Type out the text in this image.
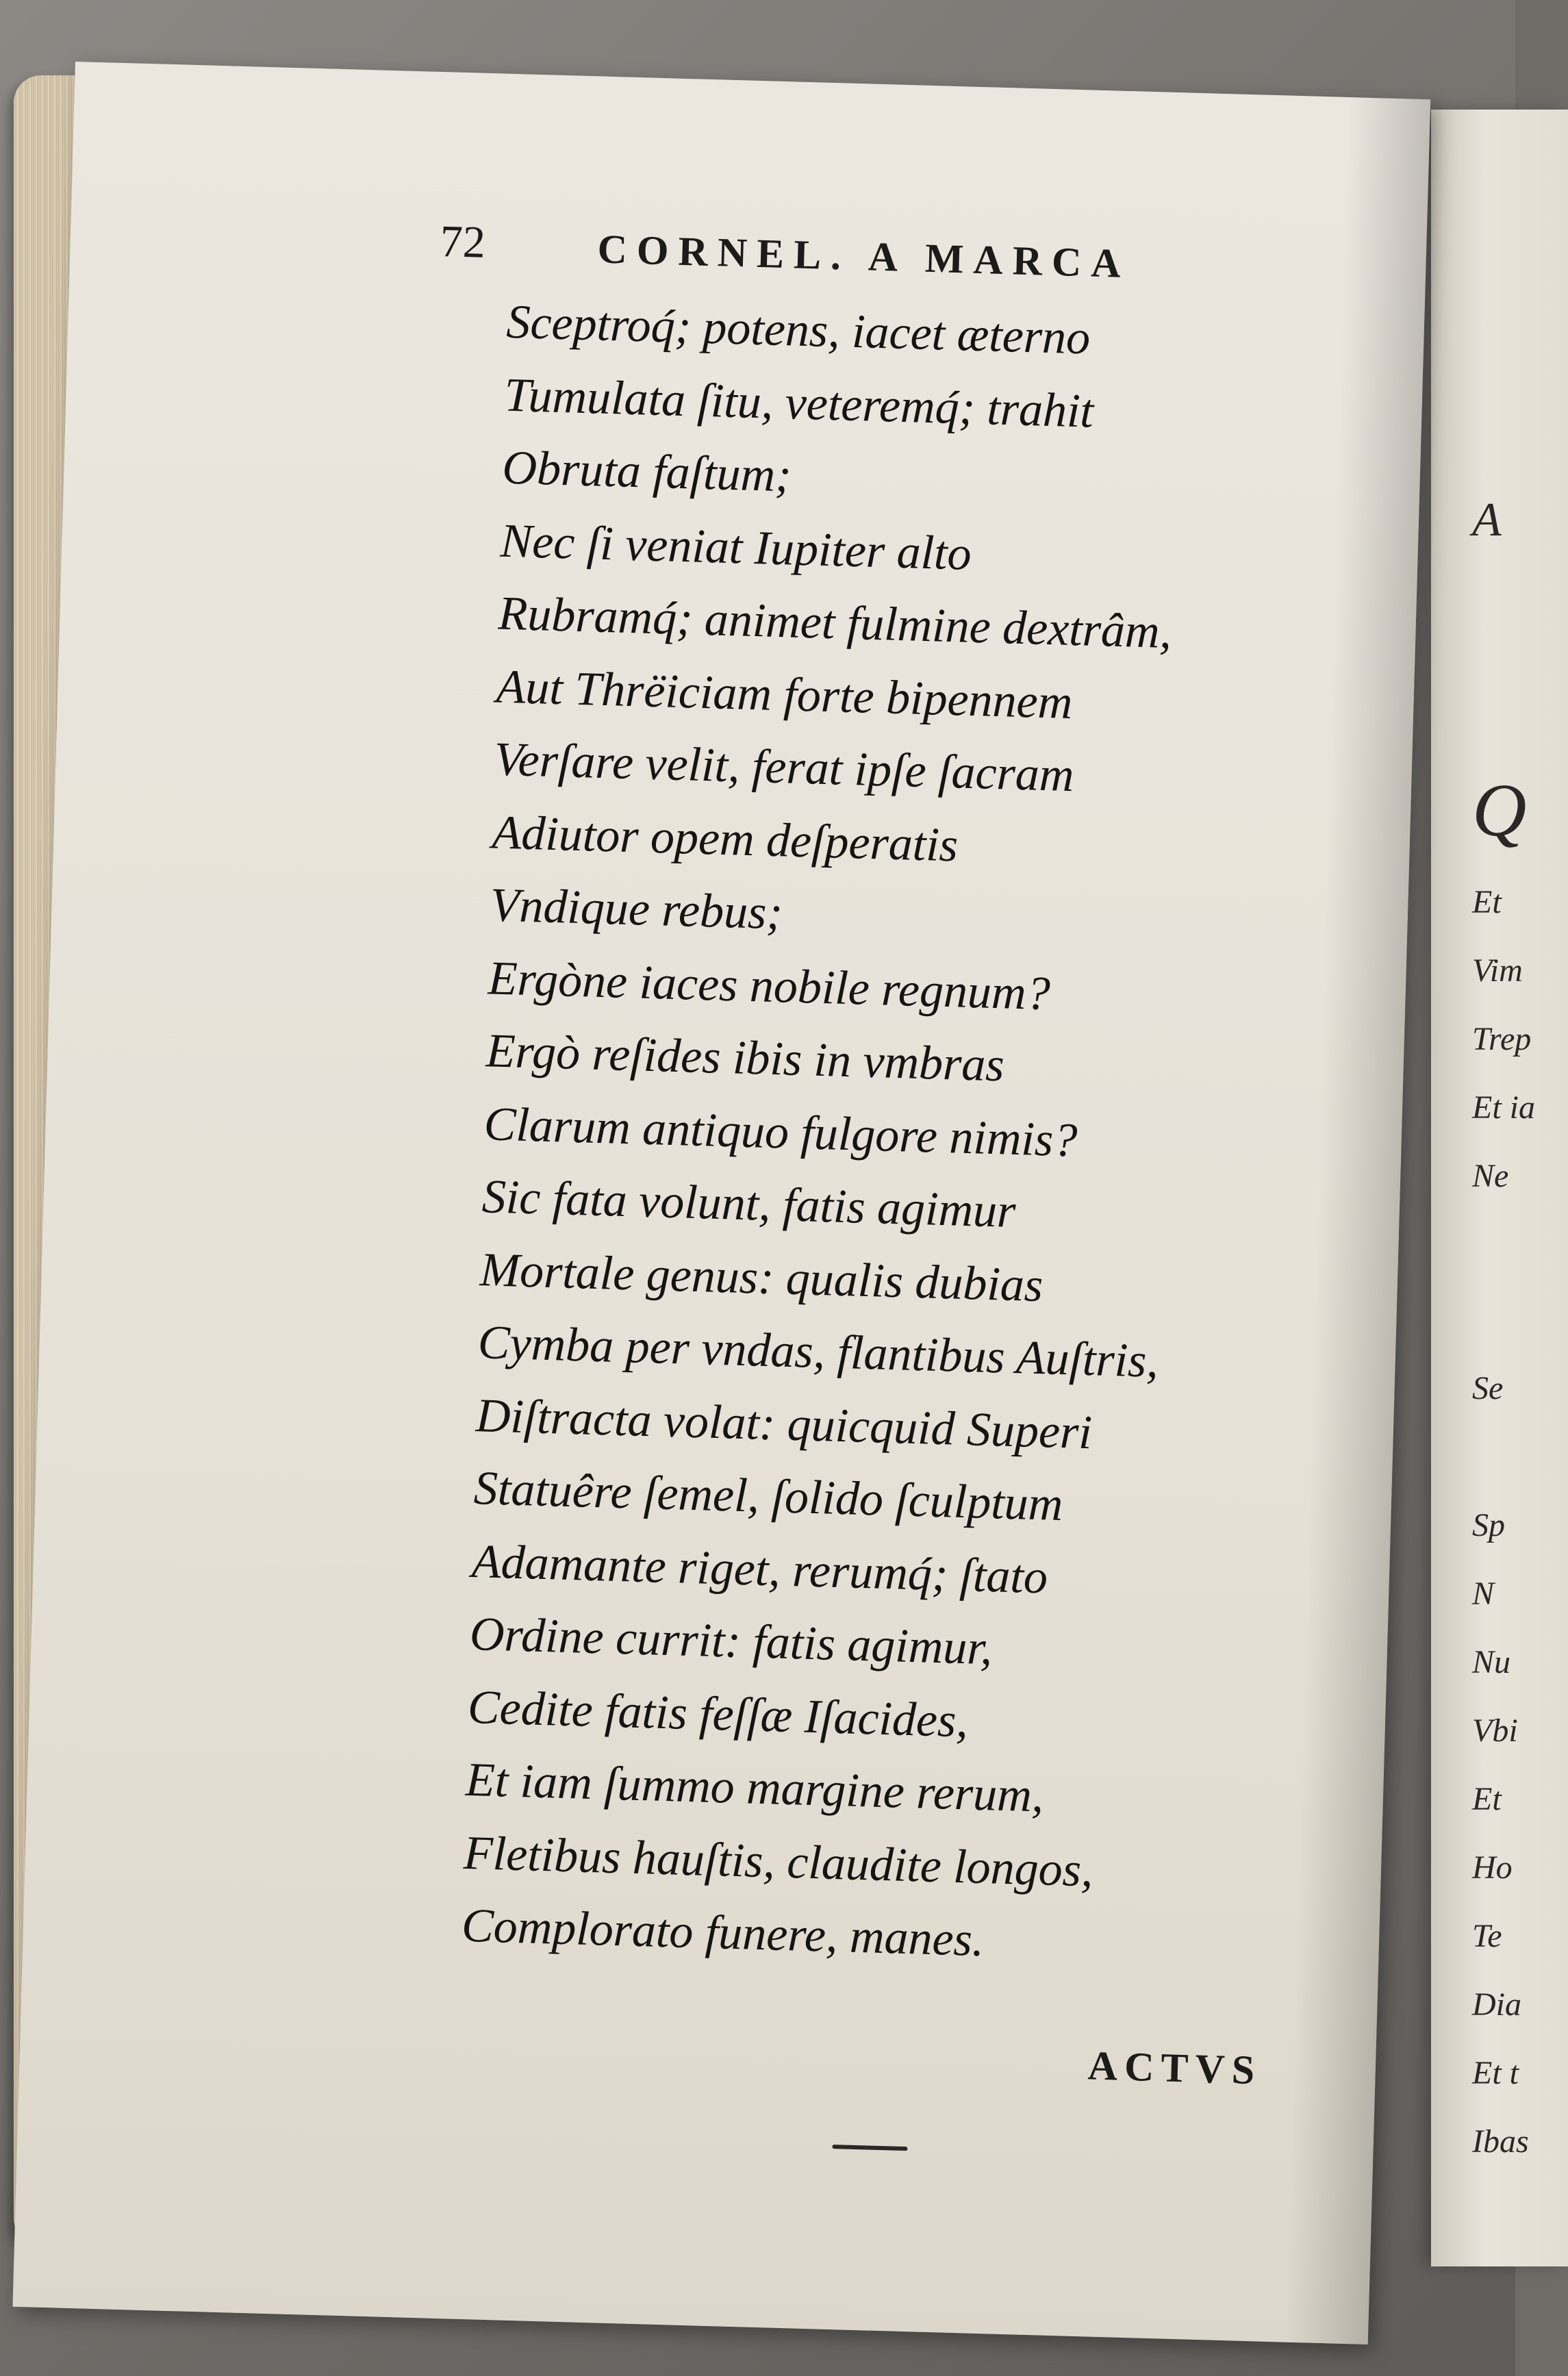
A
Q
Et
Vim
Trep
Et ia
Ne
Se
Sp
N
Nu
Vbi
Et
Ho
Te
Dia
Et t
Ibas
72	CORNEL. A MARCA
Sceptroq́; potens, iacet æterno
Tumulata ſitu, veteremq́; trahit
Obruta faſtum;
Nec ſi veniat Iupiter alto
Rubramq́; animet fulmine dextrâm,
Aut Thrëiciam forte bipennem
Verſare velit, ferat ipſe ſacram
Adiutor opem deſperatis
Vndique rebus;
Ergòne iaces nobile regnum?
Ergò reſides ibis in vmbras
Clarum antiquo fulgore nimis?
Sic fata volunt, fatis agimur
Mortale genus: qualis dubias
Cymba per vndas, flantibus Auſtris,
Diſtracta volat: quicquid Superi
Statuêre ſemel, ſolido ſculptum
Adamante riget, rerumq́; ſtato
Ordine currit: fatis agimur,
Cedite fatis feſſæ Iſacides,
Et iam ſummo margine rerum,
Fletibus hauſtis, claudite longos,
Complorato funere, manes.
ACTVS
